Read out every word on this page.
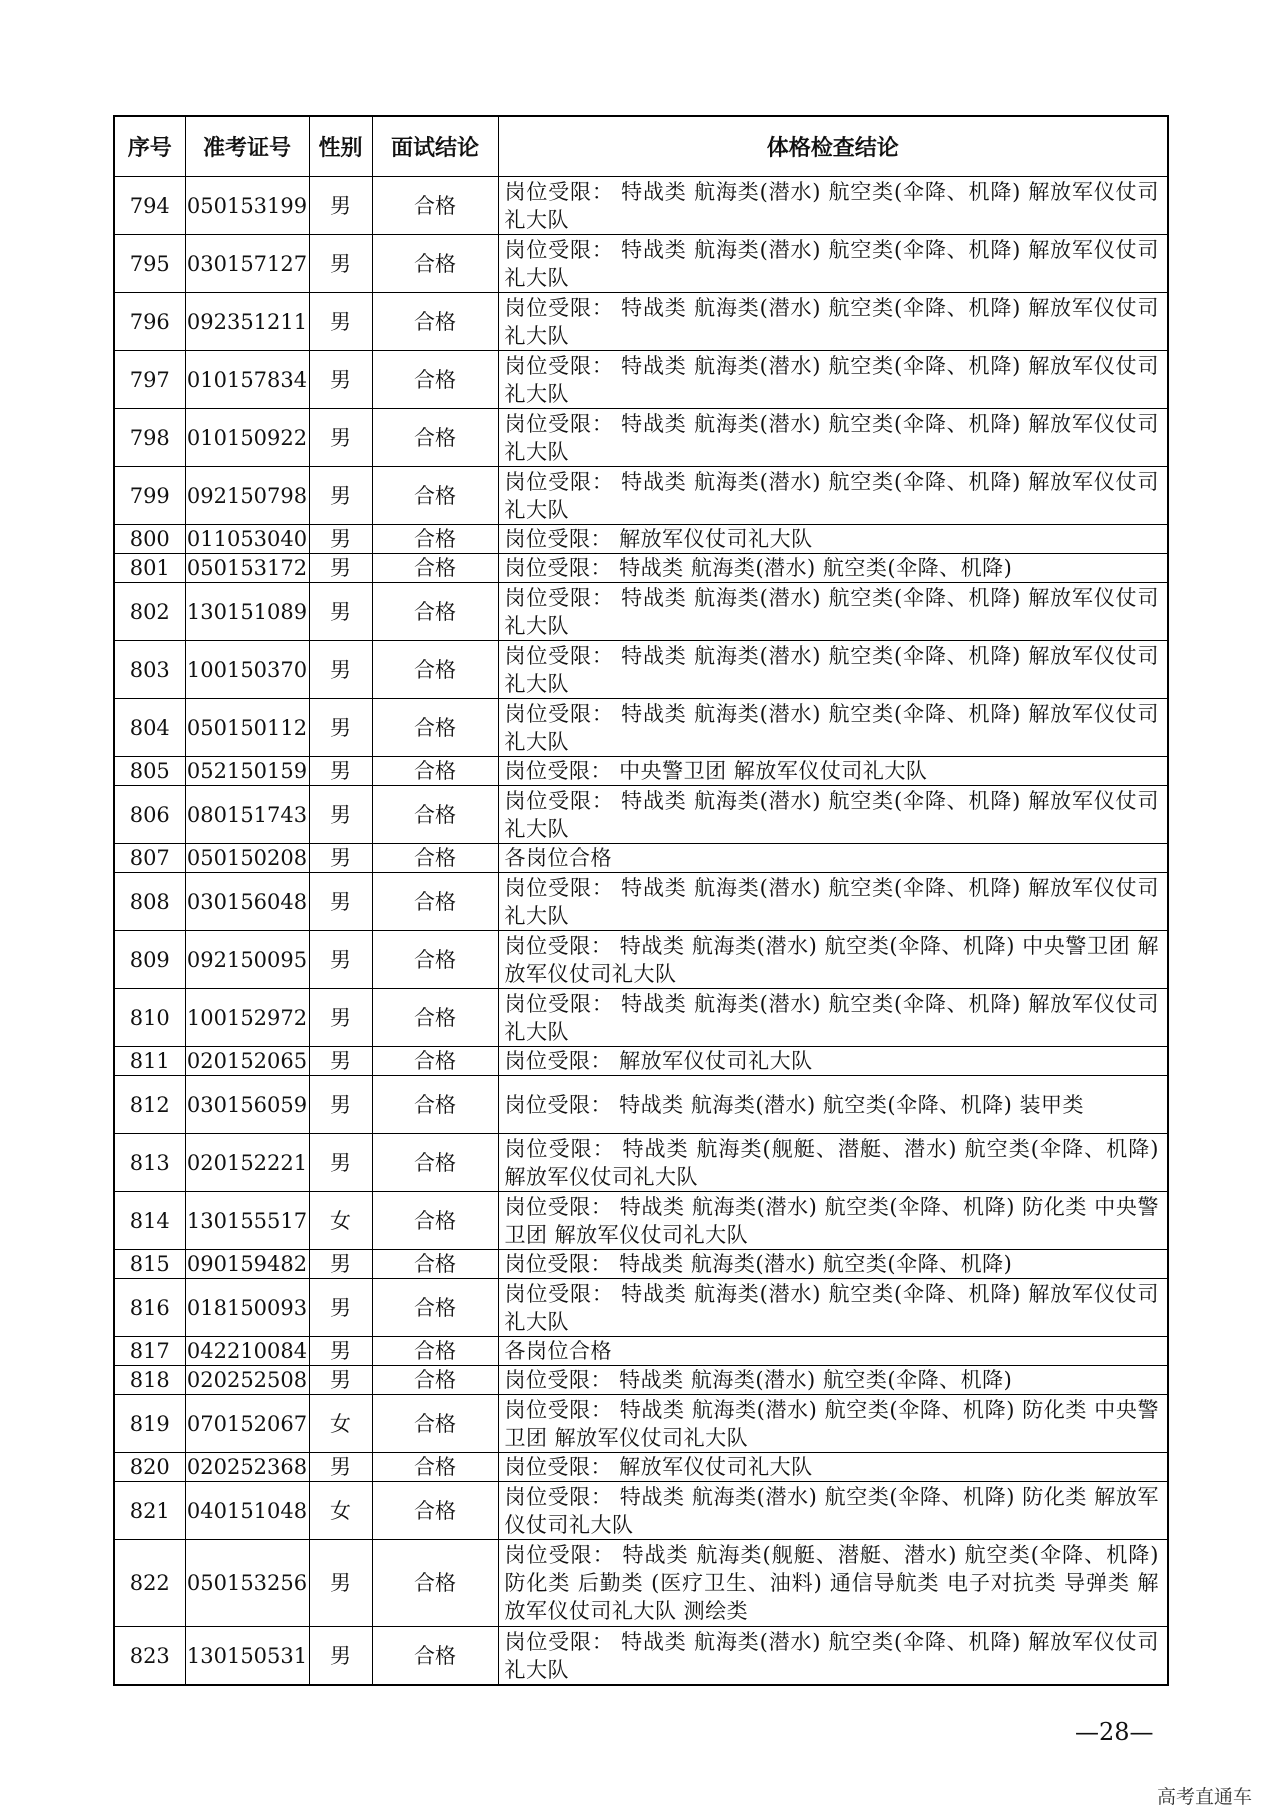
序号	准考证号	性别	面试结论	体格检查结论
794	050153199	男	合格	岗位受限： 特战类 航海类(潜水) 航空类(伞降、机降) 解放军仪仗司礼大队
795	030157127	男	合格	岗位受限： 特战类 航海类(潜水) 航空类(伞降、机降) 解放军仪仗司礼大队
796	092351211	男	合格	岗位受限： 特战类 航海类(潜水) 航空类(伞降、机降) 解放军仪仗司礼大队
797	010157834	男	合格	岗位受限： 特战类 航海类(潜水) 航空类(伞降、机降) 解放军仪仗司礼大队
798	010150922	男	合格	岗位受限： 特战类 航海类(潜水) 航空类(伞降、机降) 解放军仪仗司礼大队
799	092150798	男	合格	岗位受限： 特战类 航海类(潜水) 航空类(伞降、机降) 解放军仪仗司礼大队
800	011053040	男	合格	岗位受限： 解放军仪仗司礼大队
801	050153172	男	合格	岗位受限： 特战类 航海类(潜水) 航空类(伞降、机降)
802	130151089	男	合格	岗位受限： 特战类 航海类(潜水) 航空类(伞降、机降) 解放军仪仗司礼大队
803	100150370	男	合格	岗位受限： 特战类 航海类(潜水) 航空类(伞降、机降) 解放军仪仗司礼大队
804	050150112	男	合格	岗位受限： 特战类 航海类(潜水) 航空类(伞降、机降) 解放军仪仗司礼大队
805	052150159	男	合格	岗位受限： 中央警卫团 解放军仪仗司礼大队
806	080151743	男	合格	岗位受限： 特战类 航海类(潜水) 航空类(伞降、机降) 解放军仪仗司礼大队
807	050150208	男	合格	各岗位合格
808	030156048	男	合格	岗位受限： 特战类 航海类(潜水) 航空类(伞降、机降) 解放军仪仗司礼大队
809	092150095	男	合格	岗位受限： 特战类 航海类(潜水) 航空类(伞降、机降) 中央警卫团 解放军仪仗司礼大队
810	100152972	男	合格	岗位受限： 特战类 航海类(潜水) 航空类(伞降、机降) 解放军仪仗司礼大队
811	020152065	男	合格	岗位受限： 解放军仪仗司礼大队
812	030156059	男	合格	岗位受限： 特战类 航海类(潜水) 航空类(伞降、机降) 装甲类
813	020152221	男	合格	岗位受限： 特战类 航海类(舰艇、潜艇、潜水) 航空类(伞降、机降) 解放军仪仗司礼大队
814	130155517	女	合格	岗位受限： 特战类 航海类(潜水) 航空类(伞降、机降) 防化类 中央警卫团 解放军仪仗司礼大队
815	090159482	男	合格	岗位受限： 特战类 航海类(潜水) 航空类(伞降、机降)
816	018150093	男	合格	岗位受限： 特战类 航海类(潜水) 航空类(伞降、机降) 解放军仪仗司礼大队
817	042210084	男	合格	各岗位合格
818	020252508	男	合格	岗位受限： 特战类 航海类(潜水) 航空类(伞降、机降)
819	070152067	女	合格	岗位受限： 特战类 航海类(潜水) 航空类(伞降、机降) 防化类 中央警卫团 解放军仪仗司礼大队
820	020252368	男	合格	岗位受限： 解放军仪仗司礼大队
821	040151048	女	合格	岗位受限： 特战类 航海类(潜水) 航空类(伞降、机降) 防化类 解放军仪仗司礼大队
822	050153256	男	合格	岗位受限： 特战类 航海类(舰艇、潜艇、潜水) 航空类(伞降、机降) 防化类 后勤类 (医疗卫生、油料) 通信导航类 电子对抗类 导弹类 解放军仪仗司礼大队 测绘类
823	130150531	男	合格	岗位受限： 特战类 航海类(潜水) 航空类(伞降、机降) 解放军仪仗司礼大队
—28—
高考直通车
